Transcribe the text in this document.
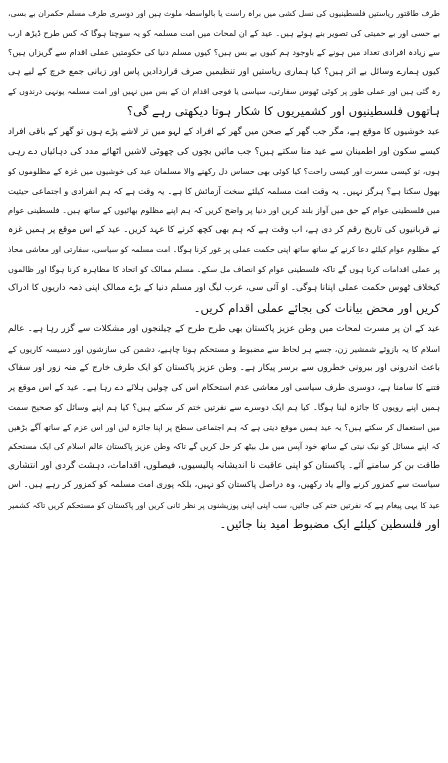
طرف طاقتور ریاستیں فلسطینیوں کی نسل کشی میں براہ راست یا بالواسطہ ملوث ہیں اور دوسری طرف مسلم حکمران بے بسی،
بے حسی اور بے حمیتی کی تصویر بنے ہوئے ہیں۔ عید کے ان لمحات میں امت مسلمہ کو یہ سوچنا ہوگا کہ کس طرح ڈیڑھ ارب
سے زیادہ افرادی تعداد میں ہونے کے باوجود ہم کیوں بے بس ہیں؟ کیوں مسلم دنیا کی حکومتیں عملی اقدام سے گریزاں ہیں؟
کیوں ہمارے وسائل بے اثر ہیں؟ کیا ہماری ریاستیں اور تنظیمیں صرف قراردادیں پاس اور زبانی جمع خرچ کے لیے ہی
رہ گئی ہیں اور عملی طور پر کوئی ٹھوس سفارتی، سیاسی یا فوجی اقدام ان کے بس میں نہیں اور امت مسلمہ یونہی درندوں کے
ہاتھوں فلسطینیوں اور کشمیریوں کا شکار ہوتا دیکھتی رہے گی؟
عید خوشیوں کا موقع ہے، مگر جب گھر کے صحن میں گھر کے افراد کے لہو میں تر لاشے پڑے ہوں تو گھر کے باقی افراد
کیسے سکون اور اطمینان سے عید منا سکتے ہیں؟ جب مائیں بچوں کی چھوٹی لاشیں اٹھائے مدد کی دہائیاں دے رہی
ہوں، تو کیسی مسرت اور کیسی راحت؟ کیا کوئی بھی حساس دل رکھنے والا مسلمان عید کی خوشیوں میں غزہ کے مظلوموں کو
بھول سکتا ہے؟ ہرگز نہیں۔ یہ وقت امت مسلمہ کیلئے سخت آزمائش کا ہے۔ یہ وقت ہے کہ ہم انفرادی و اجتماعی حیثیت
میں فلسطینی عوام کے حق میں آواز بلند کریں اور دنیا پر واضح کریں کہ ہم اپنے مظلوم بھائیوں کے ساتھ ہیں۔ فلسطینی عوام
نے قربانیوں کی تاریخ رقم کر دی ہے، اب وقت ہے کہ ہم بھی کچھ کرنے کا عہد کریں۔ عید کے اس موقع پر ہمیں غزہ
کے مظلوم عوام کیلئے دعا کرنے کے ساتھ ساتھ اپنی حکمت عملی پر غور کرنا ہوگا۔ امت مسلمہ کو سیاسی، سفارتی اور معاشی محاذ
پر عملی اقدامات کرنا ہوں گے تاکہ فلسطینی عوام کو انصاف مل سکے۔ مسلم ممالک کو اتحاد کا مظاہرہ کرنا ہوگا اور ظالموں
کیخلاف ٹھوس حکمت عملی اپنانا ہوگی۔ او آئی سی، عرب لیگ اور مسلم دنیا کے بڑے ممالک اپنی ذمہ داریوں کا ادراک
کریں اور محض بیانات کی بجائے عملی اقدام کریں۔
عید کے ان پر مسرت لمحات میں وطن عزیز پاکستان بھی طرح طرح کے چیلنجوں اور مشکلات سے گزر رہا ہے۔ عالم
اسلام کا یہ بازوئے شمشیر زن، جسے ہر لحاظ سے مضبوط و مستحکم ہونا چاہیے، دشمن کی سازشوں اور دسیسہ کاریوں کے
باعث اندرونی اور بیرونی خطروں سے برسر پیکار ہے۔ وطن عزیز پاکستان کو ایک طرف خارج کے منہ زور اور سفاک
فتنے کا سامنا ہے، دوسری طرف سیاسی اور معاشی عدم استحکام اس کی چولیں ہلائے دے رہا ہے۔ عید کے اس موقع پر
ہمیں اپنے رویوں کا جائزہ لینا ہوگا۔ کیا ہم ایک دوسرے سے نفرتیں ختم کر سکتے ہیں؟ کیا ہم اپنے وسائل کو صحیح سمت
میں استعمال کر سکتے ہیں؟ یہ عید ہمیں موقع دیتی ہے کہ ہم اجتماعی سطح پر اپنا جائزہ لیں اور اس عزم کے ساتھ آگے بڑھیں
کہ اپنے مسائل کو نیک نیتی کے ساتھ خود آپس میں مل بیٹھ کر حل کریں گے تاکہ وطن عزیز پاکستان عالم اسلام کی ایک مستحکم
طاقت بن کر سامنے آئے۔ پاکستان کو اپنی عاقبت نا اندیشانہ پالیسیوں، فیصلوں، اقدامات، دہشت گردی اور انتشاری
سیاست سے کمزور کرنے والے یاد رکھیں، وہ دراصل پاکستان کو نہیں، بلکہ پوری امت مسلمہ کو کمزور کر رہے ہیں۔ اس
عید کا یہی پیغام ہے کہ نفرتیں ختم کی جائیں، سب اپنی اپنی پوزیشنوں پر نظر ثانی کریں اور پاکستان کو مستحکم کریں تاکہ کشمیر
اور فلسطین کیلئے ایک مضبوط امید بنا جائیں۔
